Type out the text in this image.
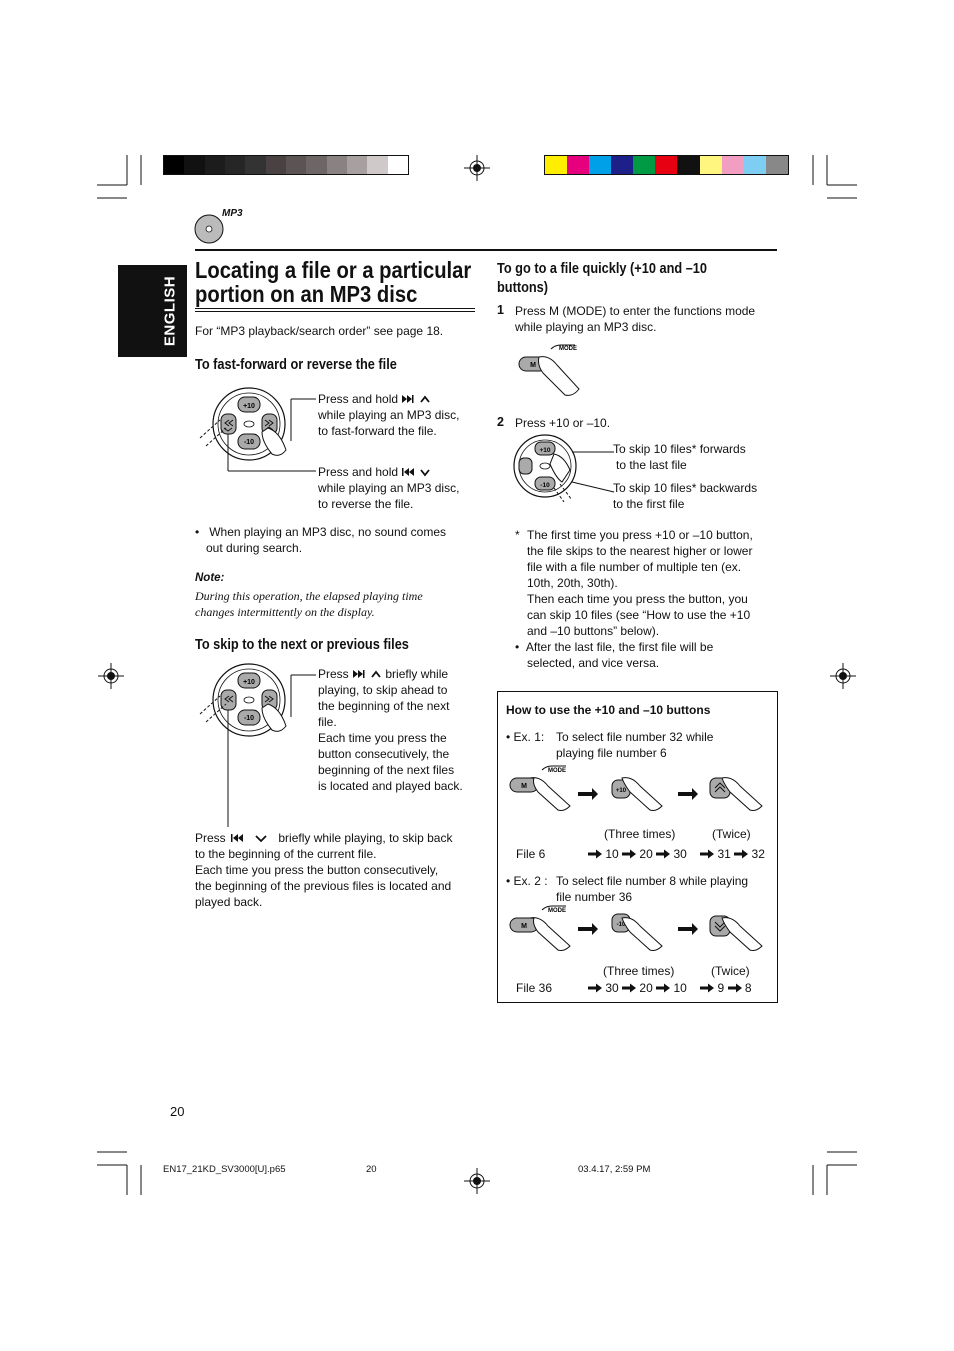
MP3
ENGLISH
Locating a file or a particular
portion on an MP3 disc
For “MP3 playback/search order” see page 18.
To fast-forward or reverse the file
+10
-10
Press and hold
while playing an MP3 disc,
to fast-forward the file.
Press and hold
while playing an MP3 disc,
to reverse the file.
•   When playing an MP3 disc, no sound comes
out during search.
Note:
During this operation, the elapsed playing time
changes intermittently on the display.
To skip to the next or previous files
+10
-10
Press	briefly while
playing, to skip ahead to
the beginning of the next
file.
Each time you press the
button consecutively, the
beginning of the next files
is located and played back.
Press	briefly while playing, to skip back
to the beginning of the current file.
Each time you press the button consecutively,
the beginning of the previous files is located and
played back.
To go to a file quickly (+10 and –10
buttons)
1 Press M (MODE) to enter the functions mode
while playing an MP3 disc.
MODE
M
2 Press +10 or –10.
+10
-10
To skip 10 files* forwards
to the last file
To skip 10 files* backwards
to the first file
* The first time you press +10 or –10 button,
the file skips to the nearest higher or lower
file with a file number of multiple ten (ex.
10th, 20th, 30th).
Then each time you press the button, you
can skip 10 files (see “How to use the +10
and –10 buttons” below).
•  After the last file, the first file will be
selected, and vice versa.
How to use the +10 and –10 buttons
• Ex. 1: To select file number 32 while
playing file number 6
MODE
M
+10
(Three times)	(Twice)
File 6	10 20 30	31 32
• Ex. 2 : To select file number 8 while playing
file number 36
MODE
M	-10
(Three times)	(Twice)
File 36	30 20 10	9 8
20
EN17_21KD_SV3000[U].p65	20	03.4.17, 2:59 PM
